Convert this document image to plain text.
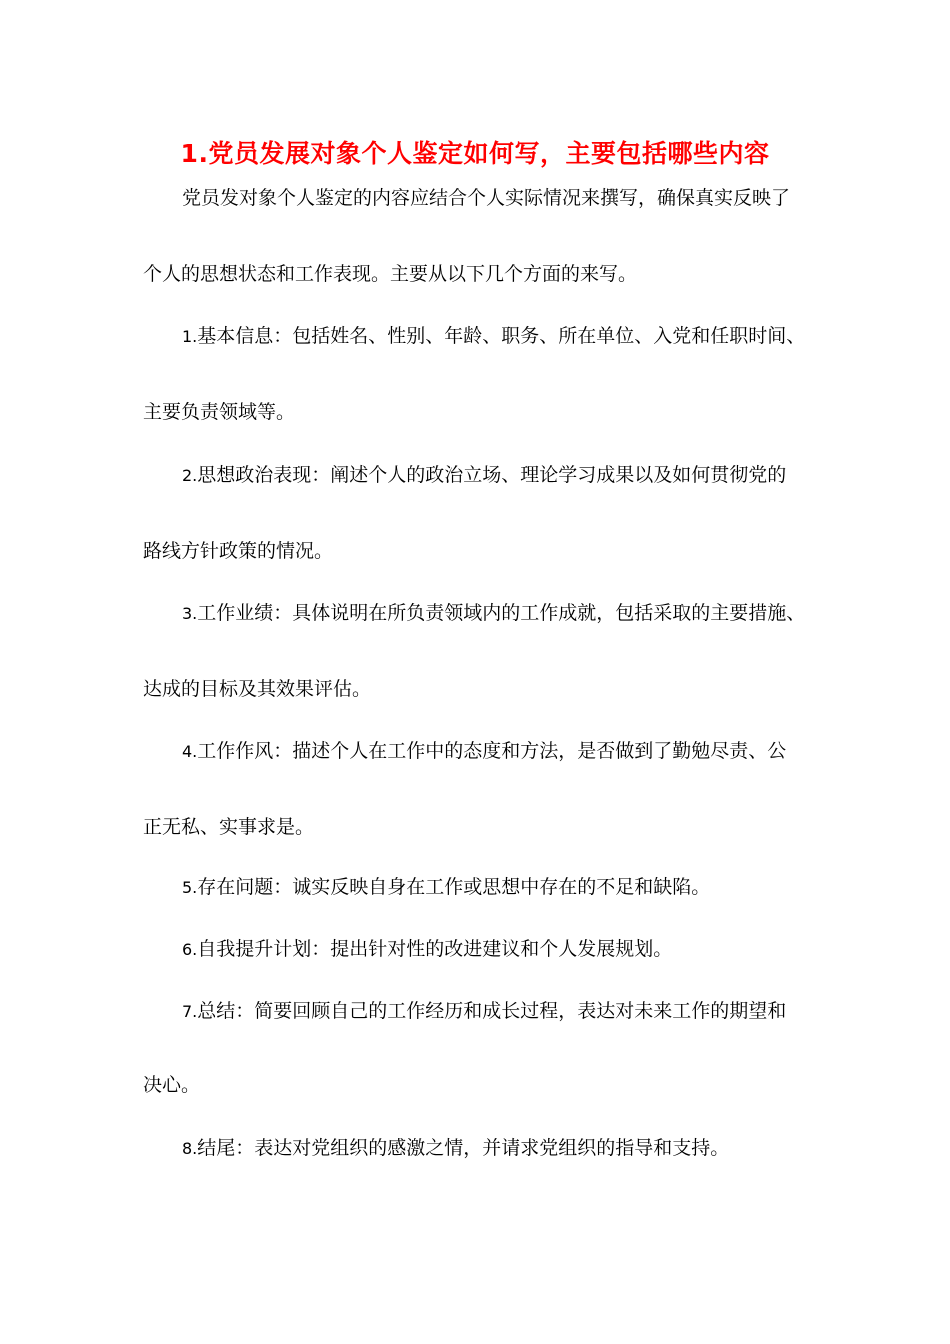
1.党员发展对象个人鉴定如何写，主要包括哪些内容
党员发对象个人鉴定的内容应结合个人实际情况来撰写，确保真实反映了
个人的思想状态和工作表现。主要从以下几个方面的来写。
1.基本信息：包括姓名、性别、年龄、职务、所在单位、入党和任职时间、
主要负责领域等。
2.思想政治表现：阐述个人的政治立场、理论学习成果以及如何贯彻党的
路线方针政策的情况。
3.工作业绩：具体说明在所负责领域内的工作成就，包括采取的主要措施、
达成的目标及其效果评估。
4.工作作风：描述个人在工作中的态度和方法，是否做到了勤勉尽责、公
正无私、实事求是。
5.存在问题：诚实反映自身在工作或思想中存在的不足和缺陷。
6.自我提升计划：提出针对性的改进建议和个人发展规划。
7.总结：简要回顾自己的工作经历和成长过程，表达对未来工作的期望和
决心。
8.结尾：表达对党组织的感激之情，并请求党组织的指导和支持。
